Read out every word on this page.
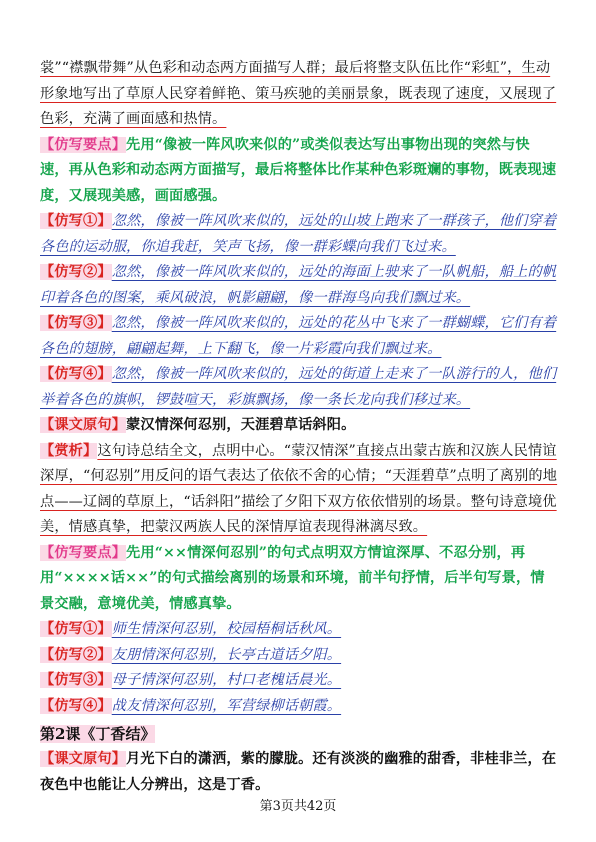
裳”“襟飘带舞”从色彩和动态两方面描写人群；最后将整支队伍比作“彩虹”，生动形象地写出了草原人民穿着鲜艳、策马疾驰的美丽景象，既表现了速度，又展现了色彩，充满了画面感和热情。

【仿写要点】先用“像被一阵风吹来似的”或类似表达写出事物出现的突然与快速，再从色彩和动态两方面描写，最后将整体比作某种色彩斑斓的事物，既表现速度，又展现美感，画面感强。

【仿写①】忽然，像被一阵风吹来似的，远处的山坡上跑来了一群孩子，他们穿着各色的运动服，你追我赶，笑声飞扬，像一群彩蝶向我们飞过来。

【仿写②】忽然，像被一阵风吹来似的，远处的海面上驶来了一队帆船，船上的帆印着各色的图案，乘风破浪，帆影翩翩，像一群海鸟向我们飘过来。

【仿写③】忽然，像被一阵风吹来似的，远处的花丛中飞来了一群蝴蝶，它们有着各色的翅膀，翩翩起舞，上下翻飞，像一片彩霞向我们飘过来。

【仿写④】忽然，像被一阵风吹来似的，远处的街道上走来了一队游行的人，他们举着各色的旗帜，锣鼓喧天，彩旗飘扬，像一条长龙向我们移过来。

【课文原句】蒙汉情深何忍别，天涯碧草话斜阳。

【赏析】这句诗总结全文，点明中心。“蒙汉情深”直接点出蒙古族和汉族人民情谊深厚，“何忍别”用反问的语气表达了依依不舍的心情；“天涯碧草”点明了离别的地点——辽阔的草原上，“话斜阳”描绘了夕阳下双方依依惜别的场景。整句诗意境优美，情感真挚，把蒙汉两族人民的深情厚谊表现得淋漓尽致。

【仿写要点】先用“××情深何忍别”的句式点明双方情谊深厚、不忍分别，再用“××××话××”的句式描绘离别的场景和环境，前半句抒情，后半句写景，情景交融，意境优美，情感真挚。

【仿写①】师生情深何忍别，校园梧桐话秋风。

【仿写②】友朋情深何忍别，长亭古道话夕阳。

【仿写③】母子情深何忍别，村口老槐话晨光。

【仿写④】战友情深何忍别，军营绿柳话朝霞。

第2课《丁香结》

【课文原句】月光下白的潇洒，紫的朦胧。还有淡淡的幽雅的甜香，非桂非兰，在夜色中也能让人分辨出，这是丁香。

第3页共42页
